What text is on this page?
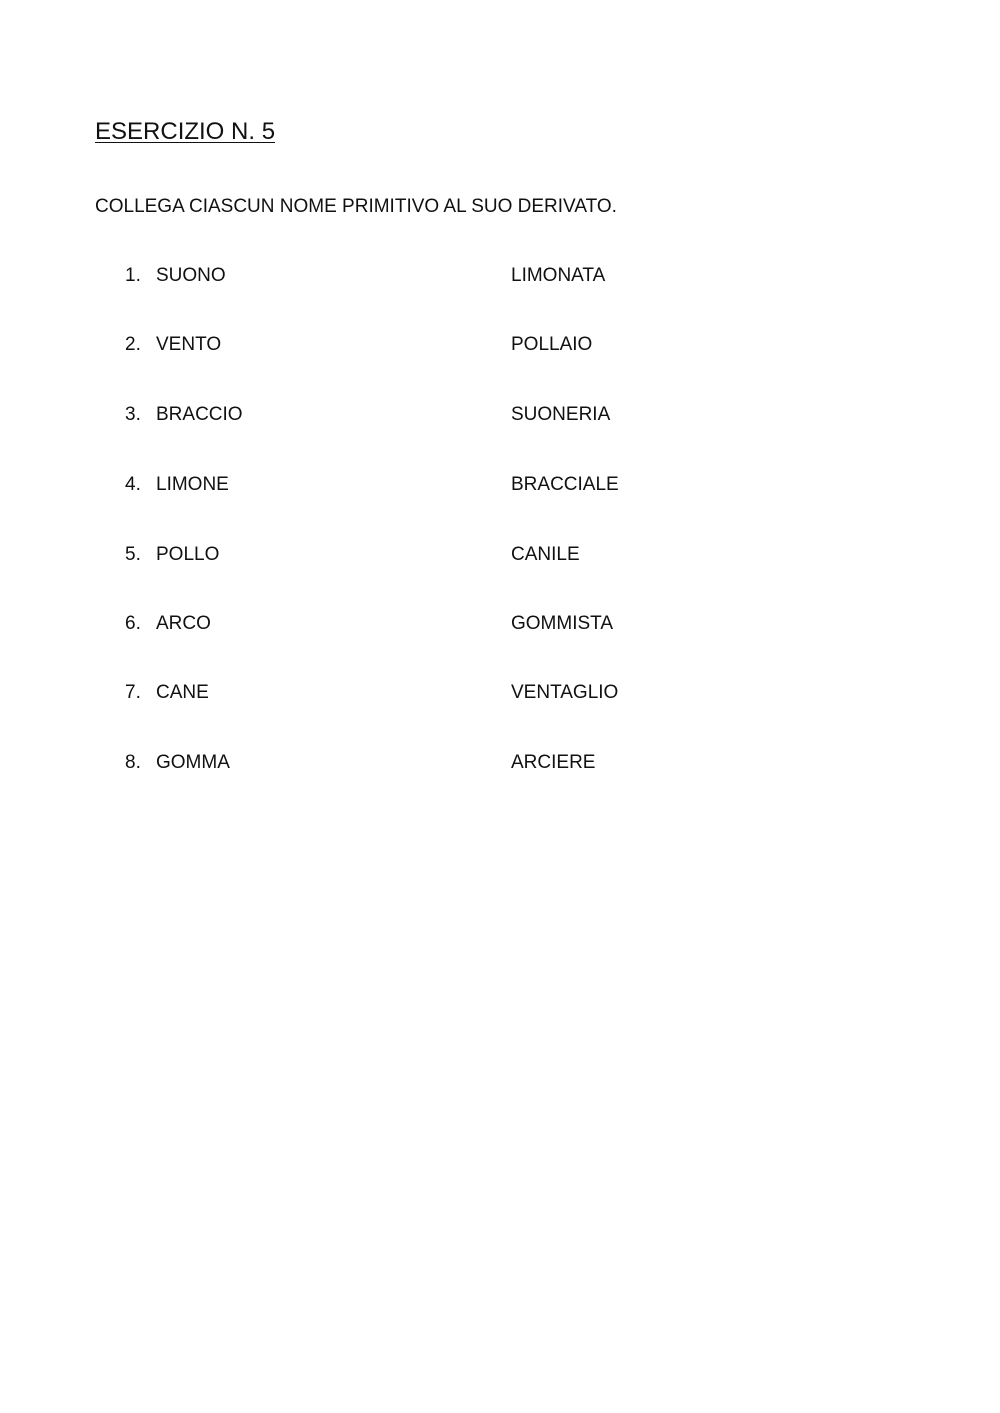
ESERCIZIO N. 5
COLLEGA CIASCUN NOME PRIMITIVO AL SUO DERIVATO.
1. SUONO	LIMONATA
2. VENTO	POLLAIO
3. BRACCIO	SUONERIA
4. LIMONE	BRACCIALE
5. POLLO	CANILE
6. ARCO	GOMMISTA
7. CANE	VENTAGLIO
8. GOMMA	ARCIERE
